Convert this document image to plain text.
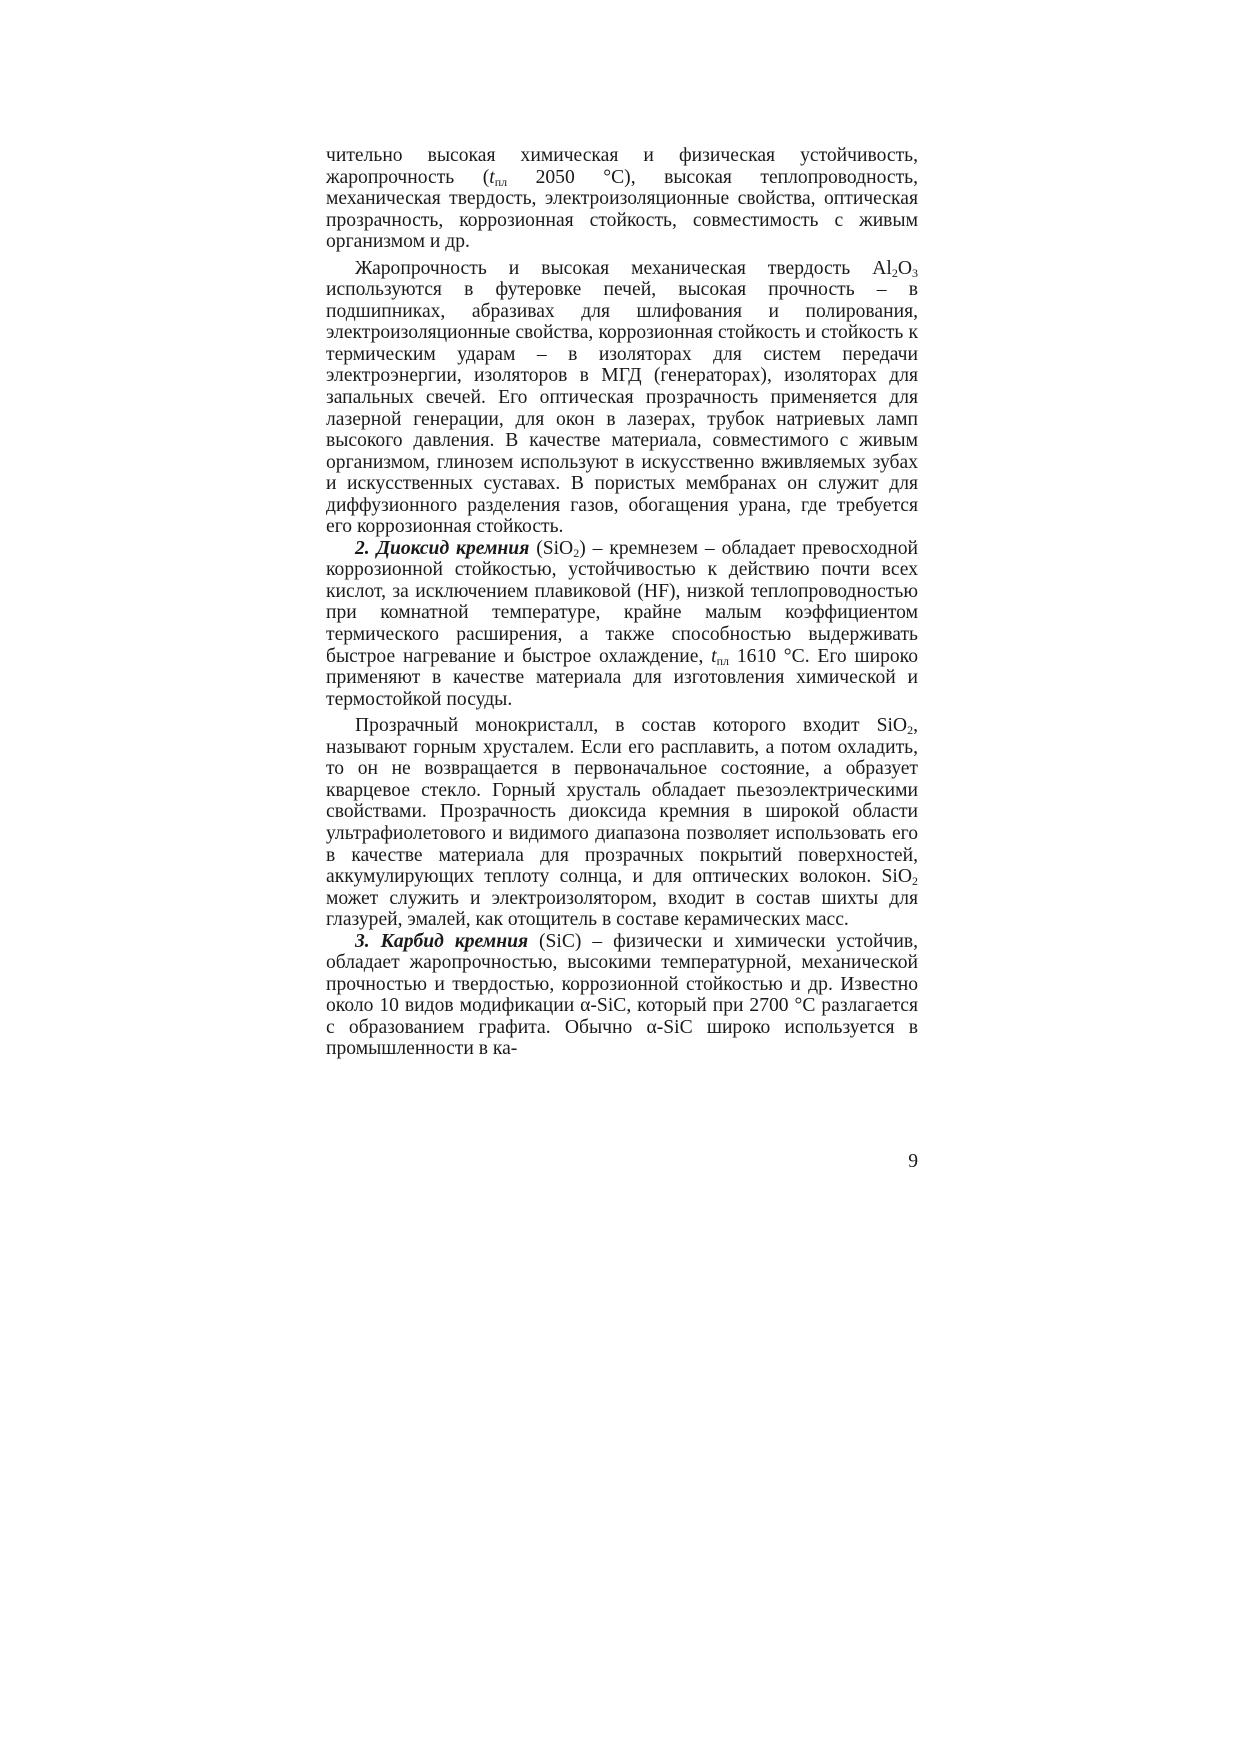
чительно высокая химическая и физическая устойчивость, жаропрочность ($t_{пл}$ 2050 °C), высокая теплопроводность, механическая твердость, электроизоляционные свойства, оптическая прозрачность, коррозионная стойкость, совместимость с живым организмом и др.

Жаропрочность и высокая механическая твердость $Al_2O_3$ используются в футеровке печей, высокая прочность – в подшипниках, абразивах для шлифования и полирования, электроизоляционные свойства, коррозионная стойкость и стойкость к термическим ударам – в изоляторах для систем передачи электроэнергии, изоляторов в МГД (генераторах), изоляторах для запальных свечей. Его оптическая прозрачность применяется для лазерной генерации, для окон в лазерах, трубок натриевых ламп высокого давления. В качестве материала, совместимого с живым организмом, глинозем используют в искусственно вживляемых зубах и искусственных суставах. В пористых мембранах он служит для диффузионного разделения газов, обогащения урана, где требуется его коррозионная стойкость.

2. Диоксид кремния (SiO$_2$) – кремнезем – обладает превосходной коррозионной стойкостью, устойчивостью к действию почти всех кислот, за исключением плавиковой (HF), низкой теплопроводностью при комнатной температуре, крайне малым коэффициентом термического расширения, а также способностью выдерживать быстрое нагревание и быстрое охлаждение, $t_{пл}$ 1610 °C. Его широко применяют в качестве материала для изготовления химической и термостойкой посуды.

Прозрачный монокристалл, в состав которого входит SiO$_2$, называют горным хрусталем. Если его расплавить, а потом охладить, то он не возвращается в первоначальное состояние, а образует кварцевое стекло. Горный хрусталь обладает пьезоэлектрическими свойствами. Прозрачность диоксида кремния в широкой области ультрафиолетового и видимого диапазона позволяет использовать его в качестве материала для прозрачных покрытий поверхностей, аккумулирующих теплоту солнца, и для оптических волокон. SiO$_2$ может служить и электроизолятором, входит в состав шихты для глазурей, эмалей, как отощитель в составе керамических масс.

3. Карбид кремния (SiC) – физически и химически устойчив, обладает жаропрочностью, высокими температурной, механической прочностью и твердостью, коррозионной стойкостью и др. Известно около 10 видов модификации α-SiC, который при 2700 °C разлагается с образованием графита. Обычно α-SiC широко используется в промышленности в ка-

9
